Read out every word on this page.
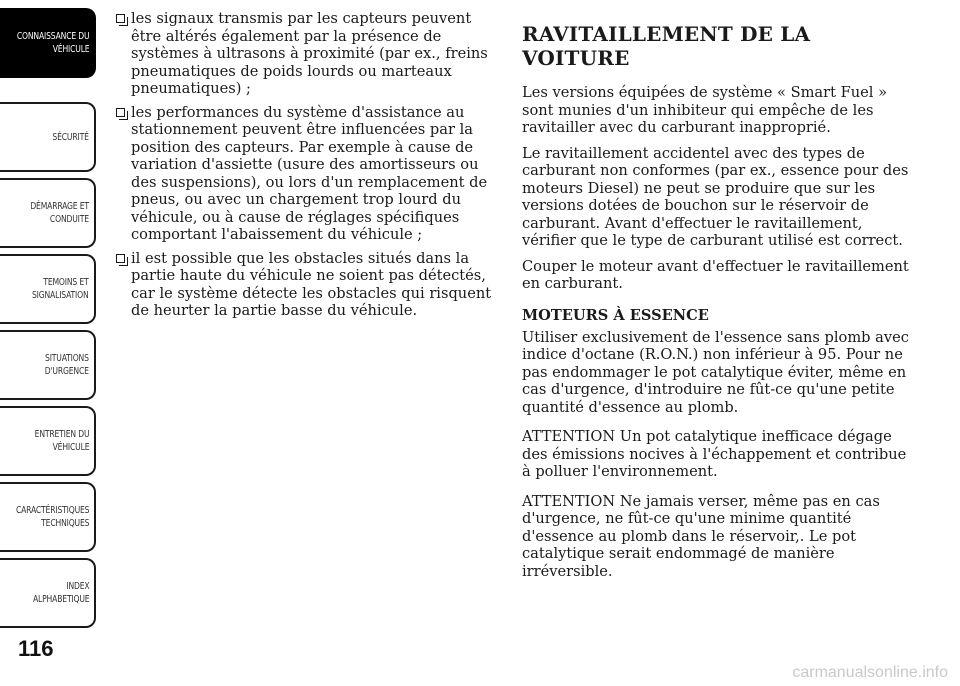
CONNAISSANCE DU
VÉHICULE
SÉCURITÉ
DÉMARRAGE ET
CONDUITE
TEMOINS ET
SIGNALISATION
SITUATIONS
D'URGENCE
ENTRETIEN DU
VÉHICULE
CARACTÉRISTIQUES
TECHNIQUES
INDEX
ALPHABETIQUE
116
les signaux transmis par les capteurs peuvent être altérés également par la présence de systèmes à ultrasons à proximité (par ex., freins pneumatiques de poids lourds ou marteaux pneumatiques) ;
les performances du système d'assistance au stationnement peuvent être influencées par la position des capteurs. Par exemple à cause de variation d'assiette (usure des amortisseurs ou des suspensions), ou lors d'un remplacement de pneus, ou avec un chargement trop lourd du véhicule, ou à cause de réglages spécifiques comportant l'abaissement du véhicule ;
il est possible que les obstacles situés dans la partie haute du véhicule ne soient pas détectés, car le système détecte les obstacles qui risquent de heurter la partie basse du véhicule.
RAVITAILLEMENT DE LA VOITURE

Les versions équipées de système « Smart Fuel » sont munies d'un inhibiteur qui empêche de les ravitailler avec du carburant inapproprié.

Le ravitaillement accidentel avec des types de carburant non conformes (par ex., essence pour des moteurs Diesel) ne peut se produire que sur les versions dotées de bouchon sur le réservoir de carburant. Avant d'effectuer le ravitaillement, vérifier que le type de carburant utilisé est correct.

Couper le moteur avant d'effectuer le ravitaillement en carburant.

MOTEURS À ESSENCE

Utiliser exclusivement de l'essence sans plomb avec indice d'octane (R.O.N.) non inférieur à 95. Pour ne pas endommager le pot catalytique éviter, même en cas d'urgence, d'introduire ne fût-ce qu'une petite quantité d'essence au plomb.

ATTENTION Un pot catalytique inefficace dégage des émissions nocives à l'échappement et contribue à polluer l'environnement.

ATTENTION Ne jamais verser, même pas en cas d'urgence, ne fût-ce qu'une minime quantité d'essence au plomb dans le réservoir,. Le pot catalytique serait endommagé de manière irréversible.

carmanualsonline.info
